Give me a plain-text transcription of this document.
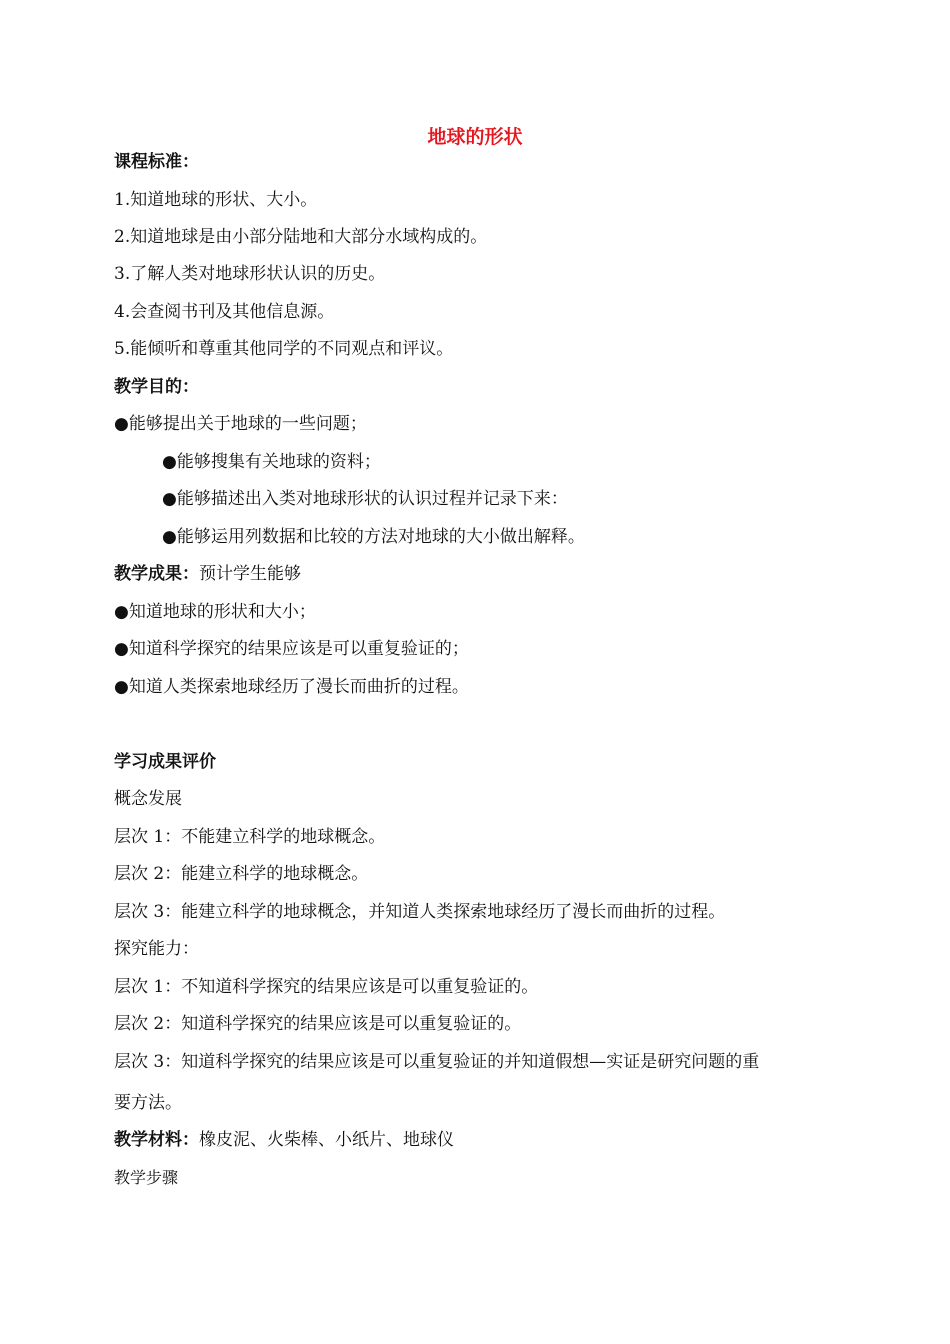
地球的形状
课程标准：
1.知道地球的形状、大小。
2.知道地球是由小部分陆地和大部分水域构成的。
3.了解人类对地球形状认识的历史。
4.会查阅书刊及其他信息源。
5.能倾听和尊重其他同学的不同观点和评议。
教学目的：
●能够提出关于地球的一些问题；
●能够搜集有关地球的资料；
●能够描述出入类对地球形状的认识过程并记录下来：
●能够运用列数据和比较的方法对地球的大小做出解释。
教学成果：预计学生能够
●知道地球的形状和大小；
●知道科学探究的结果应该是可以重复验证的；
●知道人类探索地球经历了漫长而曲折的过程。
学习成果评价
概念发展
层次 1：不能建立科学的地球概念。
层次 2：能建立科学的地球概念。
层次 3：能建立科学的地球概念，并知道人类探索地球经历了漫长而曲折的过程。
探究能力：
层次 1：不知道科学探究的结果应该是可以重复验证的。
层次 2：知道科学探究的结果应该是可以重复验证的。
层次 3：知道科学探究的结果应该是可以重复验证的并知道假想—实证是研究问题的重
要方法。
教学材料：橡皮泥、火柴棒、小纸片、地球仪
教学步骤
